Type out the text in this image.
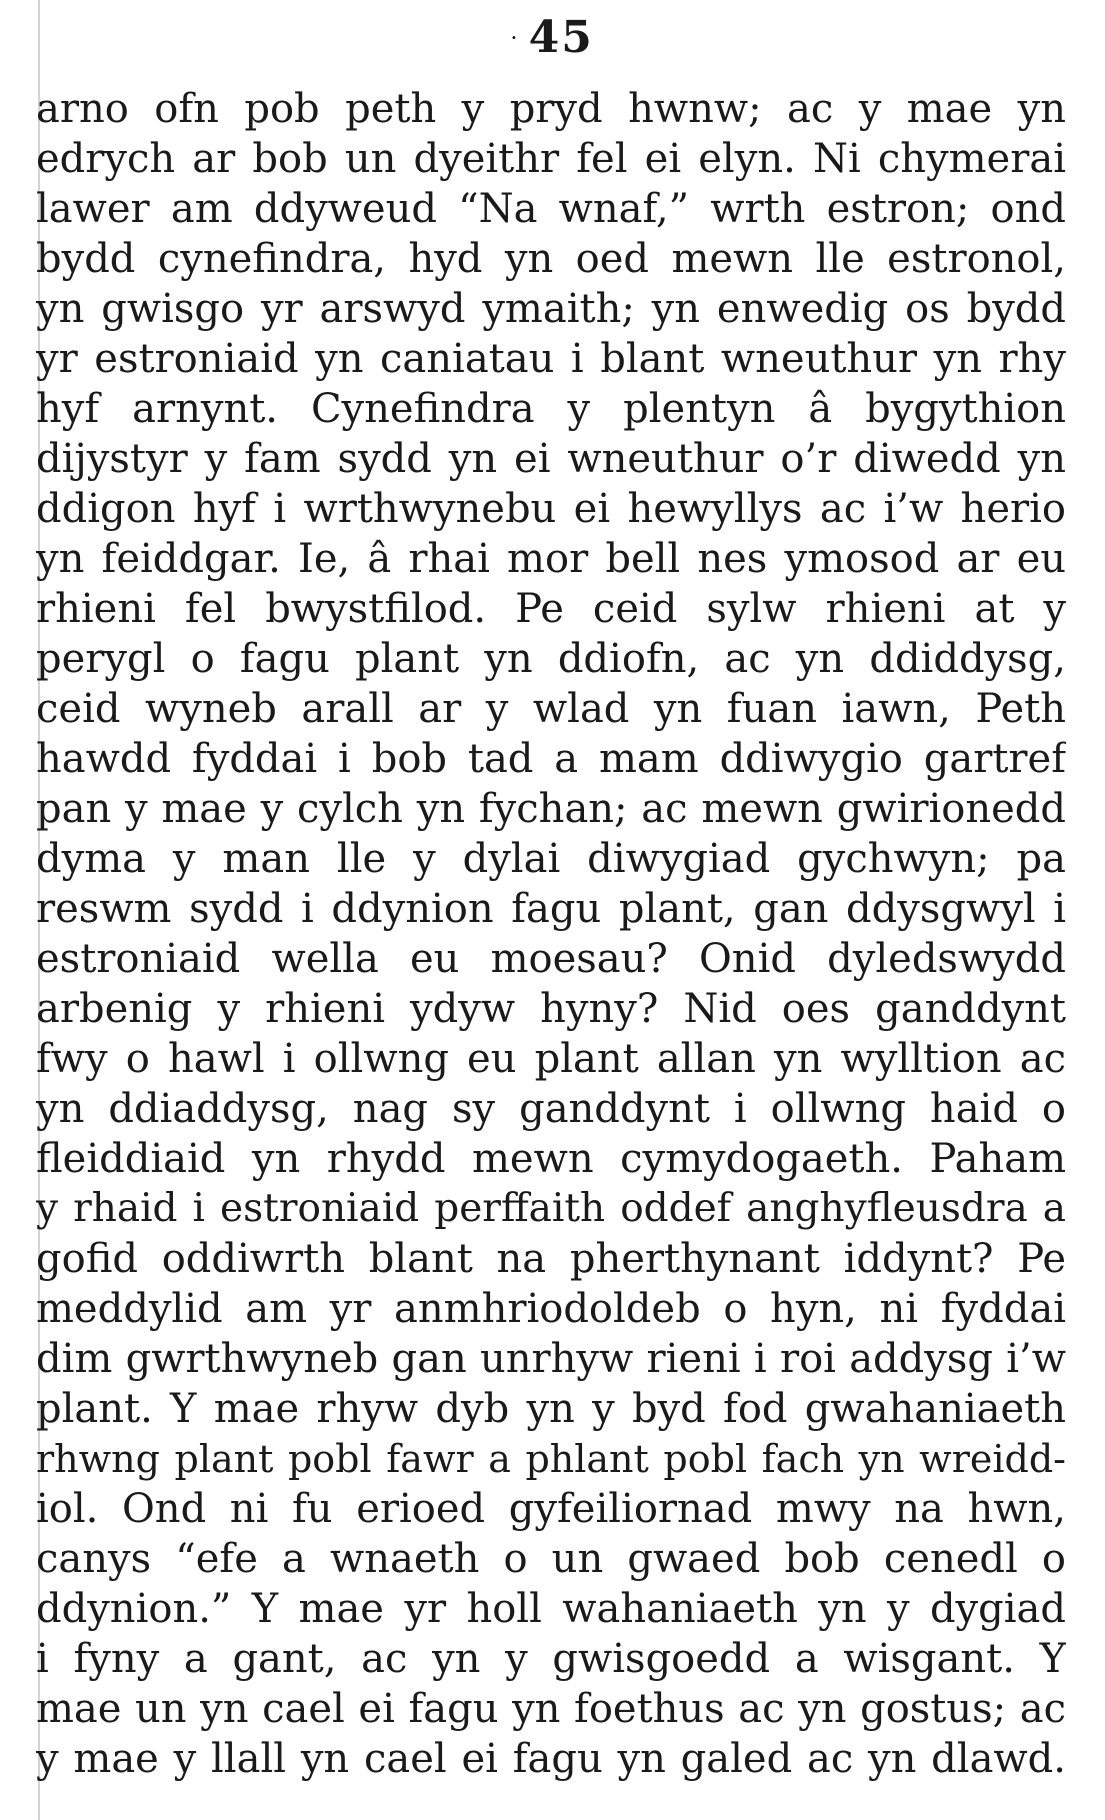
· 45
arno ofn pob peth y pryd hwnw; ac y mae yn
edrych ar bob un dyeithr fel ei elyn. Ni chymerai
lawer am ddyweud “Na wnaf,” wrth estron; ond
bydd cynefindra, hyd yn oed mewn lle estronol,
yn gwisgo yr arswyd ymaith; yn enwedig os bydd
yr estroniaid yn caniatau i blant wneuthur yn rhy
hyf arnynt. Cynefindra y plentyn â bygythion
dijystyr y fam sydd yn ei wneuthur o’r diwedd yn
ddigon hyf i wrthwynebu ei hewyllys ac i’w herio
yn feiddgar. Ie, â rhai mor bell nes ymosod ar eu
rhieni fel bwystfilod. Pe ceid sylw rhieni at y
perygl o fagu plant yn ddiofn, ac yn ddiddysg,
ceid wyneb arall ar y wlad yn fuan iawn, Peth
hawdd fyddai i bob tad a mam ddiwygio gartref
pan y mae y cylch yn fychan; ac mewn gwirionedd
dyma y man lle y dylai diwygiad gychwyn; pa
reswm sydd i ddynion fagu plant, gan ddysgwyl i
estroniaid wella eu moesau? Onid dyledswydd
arbenig y rhieni ydyw hyny? Nid oes ganddynt
fwy o hawl i ollwng eu plant allan yn wylltion ac
yn ddiaddysg, nag sy ganddynt i ollwng haid o
fleiddiaid yn rhydd mewn cymydogaeth. Paham
y rhaid i estroniaid perffaith oddef anghyfleusdra a
gofid oddiwrth blant na pherthynant iddynt? Pe
meddylid am yr anmhriodoldeb o hyn, ni fyddai
dim gwrthwyneb gan unrhyw rieni i roi addysg i’w
plant. Y mae rhyw dyb yn y byd fod gwahaniaeth
rhwng plant pobl fawr a phlant pobl fach yn wreidd-
iol. Ond ni fu erioed gyfeiliornad mwy na hwn,
canys “efe a wnaeth o un gwaed bob cenedl o
ddynion.” Y mae yr holl wahaniaeth yn y dygiad
i fyny a gant, ac yn y gwisgoedd a wisgant. Y
mae un yn cael ei fagu yn foethus ac yn gostus; ac
y mae y llall yn cael ei fagu yn galed ac yn dlawd.
